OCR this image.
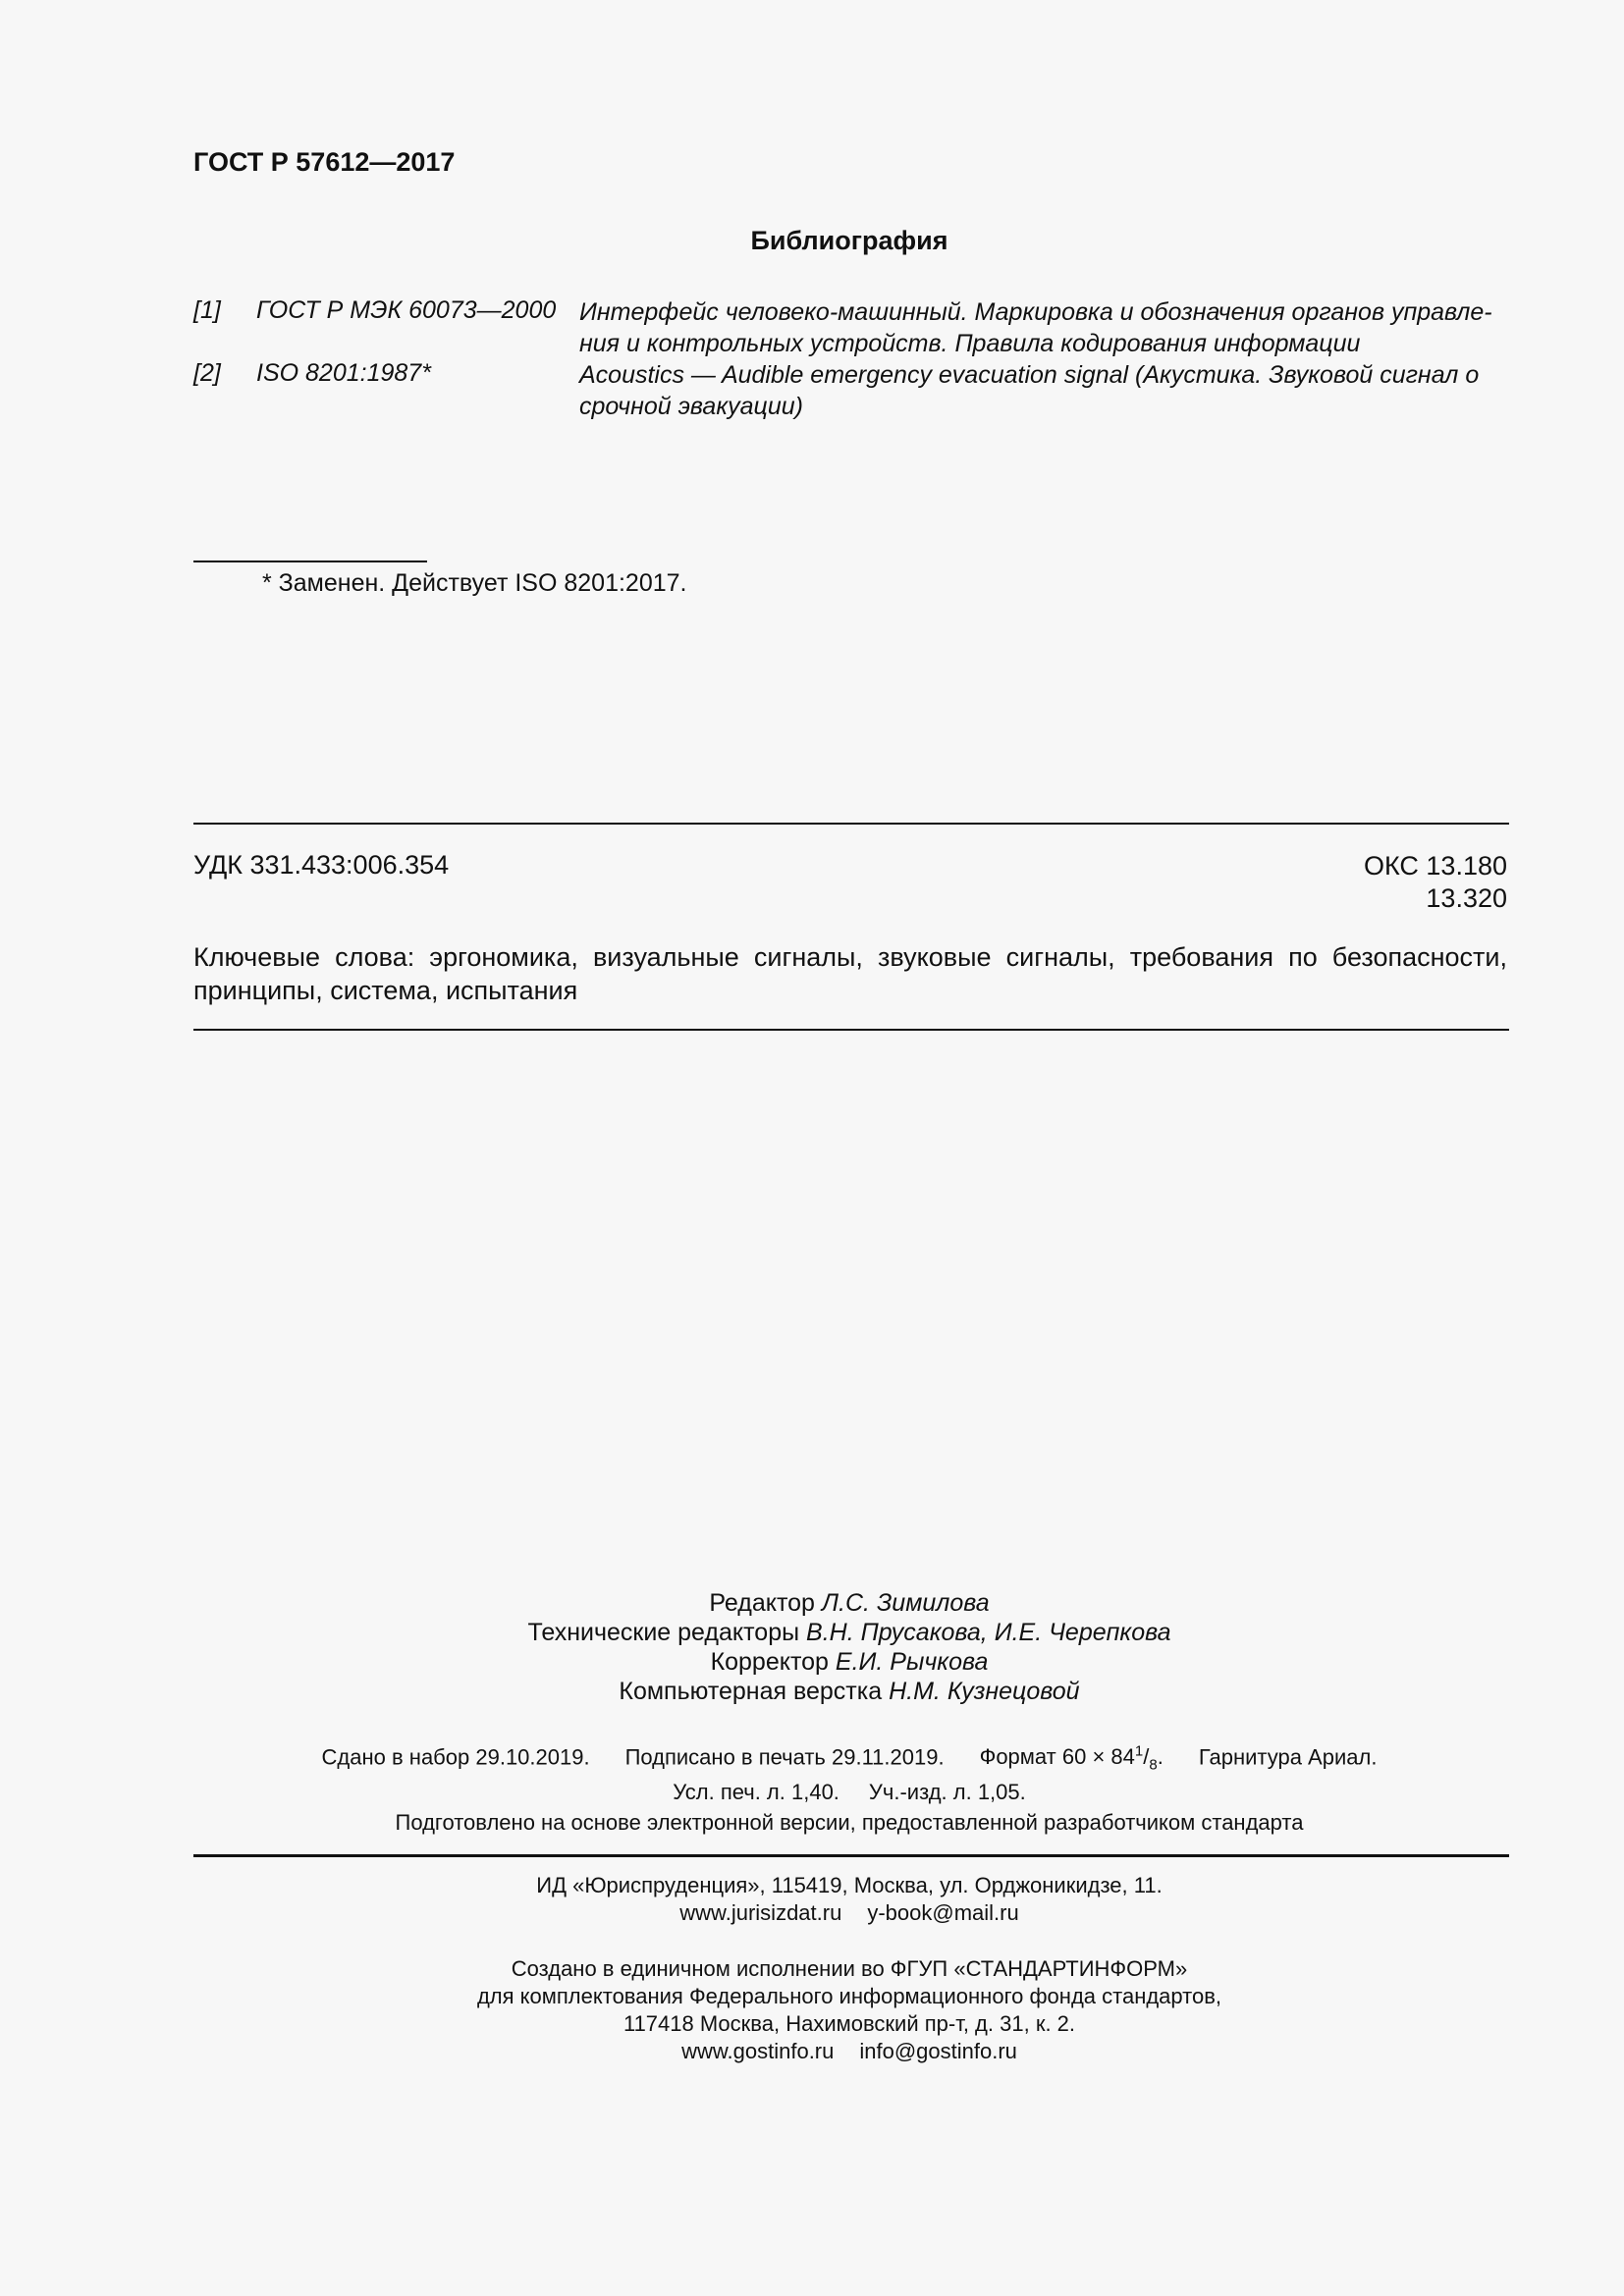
ГОСТ Р 57612—2017
Библиография
[1] ГОСТ Р МЭК 60073—2000 Интерфейс человеко-машинный. Маркировка и обозначения органов управле-
ния и контрольных устройств. Правила кодирования информации
[2] ISO 8201:1987*	Acoustics — Audible emergency evacuation signal (Акустика. Звуковой сигнал о
срочной эвакуации)
* Заменен. Действует ISO 8201:2017.
УДК 331.433:006.354	ОКС 13.180
13.320
Ключевые слова: эргономика, визуальные сигналы, звуковые сигналы, требования по безопасности, принципы, система, испытания
Редактор Л.С. Зимилова
Технические редакторы В.Н. Прусакова, И.Е. Черепкова
Корректор Е.И. Рычкова
Компьютерная верстка Н.М. Кузнецовой
Сдано в набор 29.10.2019. Подписано в печать 29.11.2019. Формат $60 \times 84^1/_8$. Гарнитура Ариал.
Усл. печ. л. 1,40. Уч.-изд. л. 1,05.
Подготовлено на основе электронной версии, предоставленной разработчиком стандарта
ИД «Юриспруденция», 115419, Москва, ул. Орджоникидзе, 11.
www.jurisizdat.ru y-book@mail.ru
Создано в единичном исполнении во ФГУП «СТАНДАРТИНФОРМ»
для комплектования Федерального информационного фонда стандартов,
117418 Москва, Нахимовский пр-т, д. 31, к. 2.
www.gostinfo.ru info@gostinfo.ru
